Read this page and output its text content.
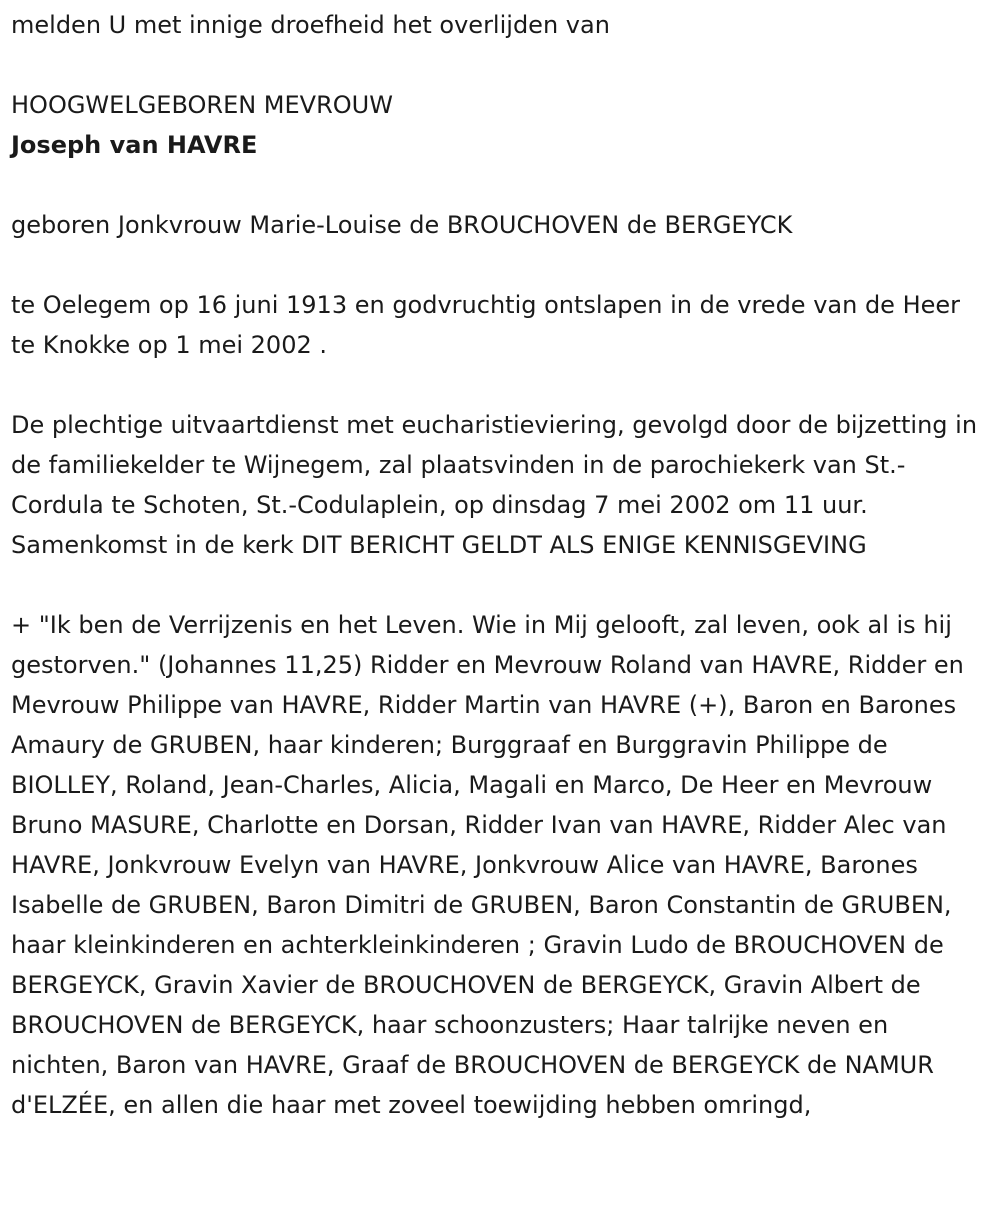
melden U met innige droefheid het overlijden van

HOOGWELGEBOREN MEVROUW

Joseph van HAVRE

geboren Jonkvrouw Marie-Louise de BROUCHOVEN de BERGEYCK

te Oelegem op 16 juni 1913 en godvruchtig ontslapen in de vrede van de Heer te Knokke op 1 mei 2002 .

De plechtige uitvaartdienst met eucharistieviering, gevolgd door de bijzetting in de familiekelder te Wijnegem, zal plaatsvinden in de parochiekerk van St.-Cordula te Schoten, St.-Codulaplein, op dinsdag 7 mei 2002 om 11 uur. Samenkomst in de kerk DIT BERICHT GELDT ALS ENIGE KENNISGEVING

+ "Ik ben de Verrijzenis en het Leven. Wie in Mij gelooft, zal leven, ook al is hij gestorven." (Johannes 11,25) Ridder en Mevrouw Roland van HAVRE, Ridder en Mevrouw Philippe van HAVRE, Ridder Martin van HAVRE (+), Baron en Barones Amaury de GRUBEN, haar kinderen; Burggraaf en Burggravin Philippe de BIOLLEY, Roland, Jean-Charles, Alicia, Magali en Marco, De Heer en Mevrouw Bruno MASURE, Charlotte en Dorsan, Ridder Ivan van HAVRE, Ridder Alec van HAVRE, Jonkvrouw Evelyn van HAVRE, Jonkvrouw Alice van HAVRE, Barones Isabelle de GRUBEN, Baron Dimitri de GRUBEN, Baron Constantin de GRUBEN, haar kleinkinderen en achterkleinkinderen ; Gravin Ludo de BROUCHOVEN de BERGEYCK, Gravin Xavier de BROUCHOVEN de BERGEYCK, Gravin Albert de BROUCHOVEN de BERGEYCK, haar schoonzusters; Haar talrijke neven en nichten, Baron van HAVRE, Graaf de BROUCHOVEN de BERGEYCK de NAMUR d'ELZÉE, en allen die haar met zoveel toewijding hebben omringd,
